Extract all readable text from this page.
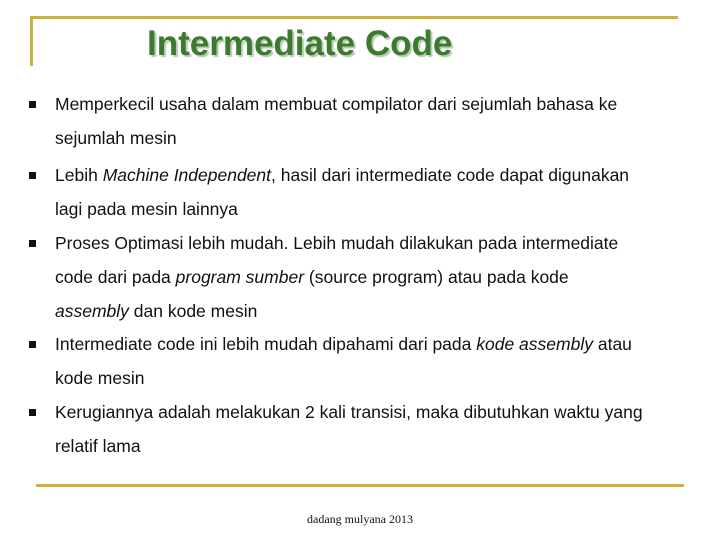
Intermediate Code
Memperkecil usaha dalam membuat compilator dari sejumlah bahasa ke
sejumlah mesin
Lebih Machine Independent, hasil dari intermediate code dapat digunakan
lagi pada mesin lainnya
Proses Optimasi lebih mudah. Lebih mudah dilakukan pada intermediate
code dari pada program sumber (source program) atau pada kode
assembly dan kode mesin
Intermediate code ini lebih mudah dipahami dari pada kode assembly atau
kode mesin
Kerugiannya adalah melakukan 2 kali transisi, maka dibutuhkan waktu yang
relatif lama
dadang mulyana 2013
